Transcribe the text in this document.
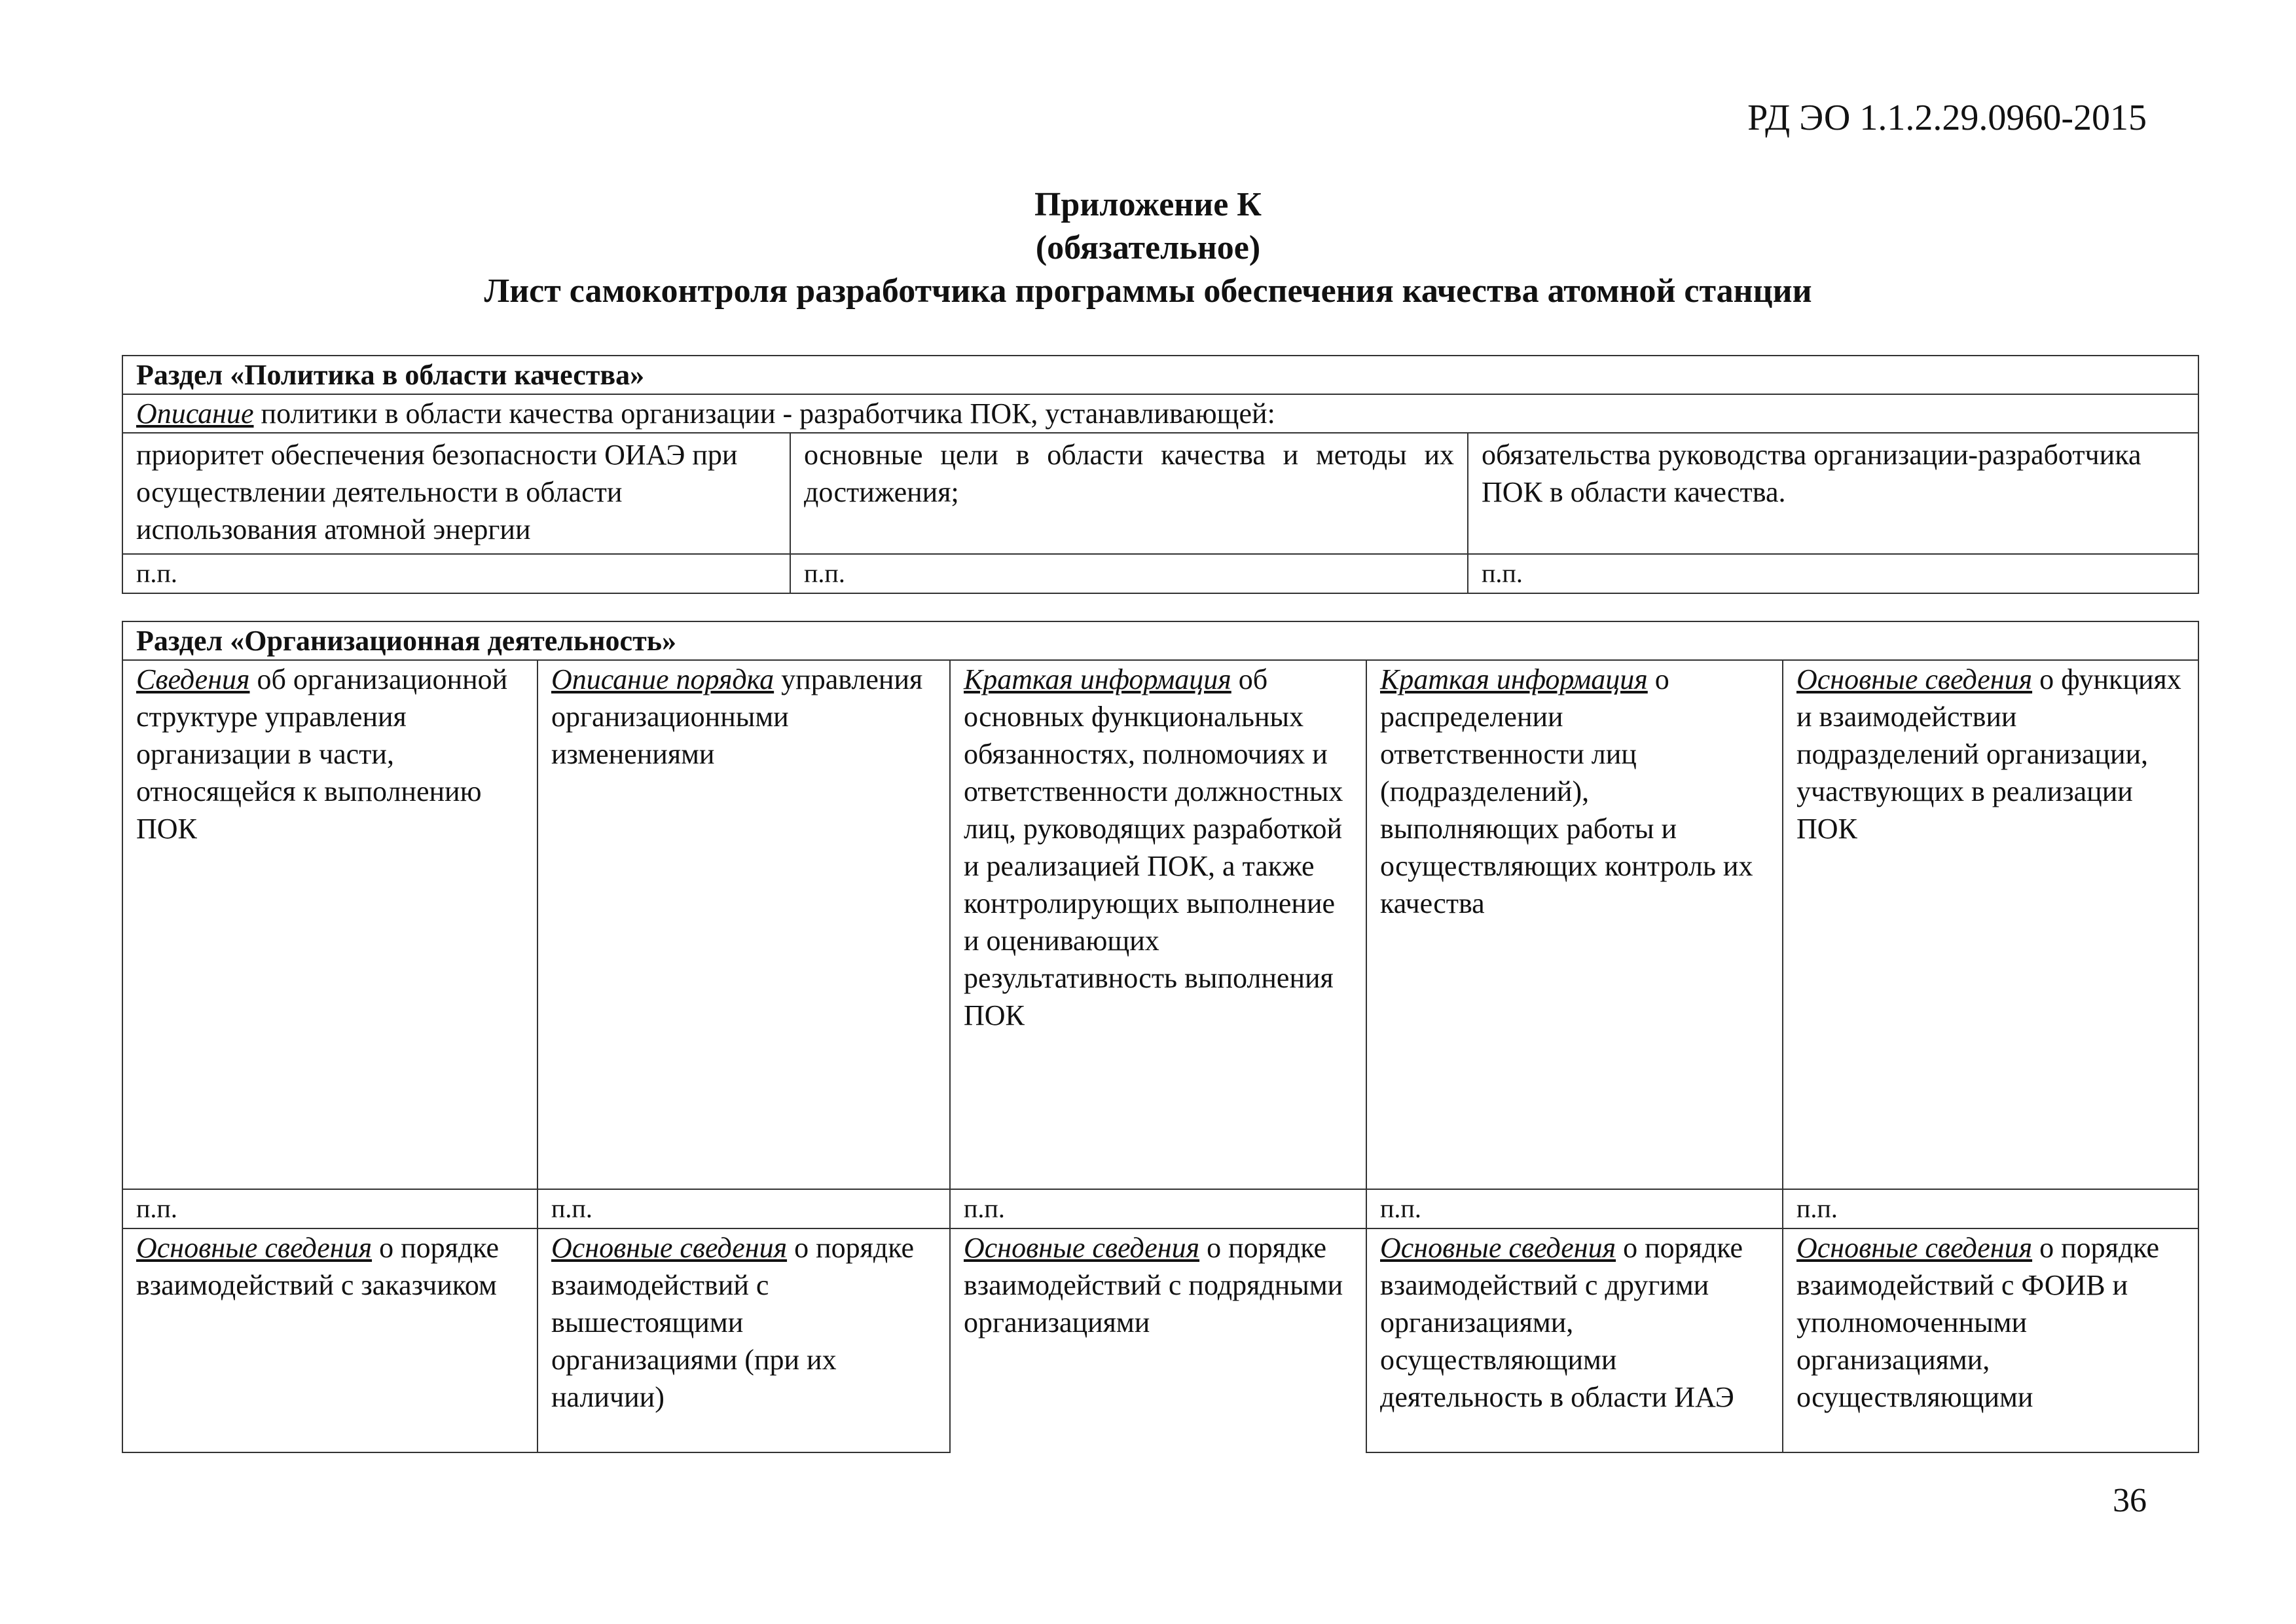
РД ЭО 1.1.2.29.0960-2015
Приложение К
(обязательное)
Лист самоконтроля разработчика программы обеспечения качества атомной станции
Раздел «Политика в области качества»		
Описание политики в области качества организации - разработчика ПОК, устанавливающей:		
приоритет обеспечения безопасности ОИАЭ при осуществлении деятельности в области использования атомной энергии	основные цели в области качества и методы их достижения;	обязательства руководства организации-разработчика ПОК в области качества.
п.п.	п.п.	п.п.
Раздел «Организационная деятельность»				
Сведения об организационной структуре управления организации в части, относящейся к выполнению ПОК	Описание порядка управления организационными изменениями	Краткая информация об основных функциональных обязанностях, полномочиях и ответственности должностных лиц, руководящих разработкой и реализацией ПОК, а также контролирующих выполнение и оценивающих результативность выполнения ПОК	Краткая информация о распределении ответственности лиц (подразделений), выполняющих работы и осуществляющих контроль их качества	Основные сведения о функциях и взаимодействии подразделений организации, участвующих в реализации ПОК
п.п.	п.п.	п.п.	п.п.	п.п.
Основные сведения о порядке взаимодействий с заказчиком	Основные сведения о порядке взаимодействий с вышестоящими организациями (при их наличии)	Основные сведения о порядке взаимодействий с подрядными организациями	Основные сведения о порядке взаимодействий с другими организациями, осуществляющими деятельность в области ИАЭ	Основные сведения о порядке взаимодействий с ФОИВ и уполномоченными организациями, осуществляющими
36
